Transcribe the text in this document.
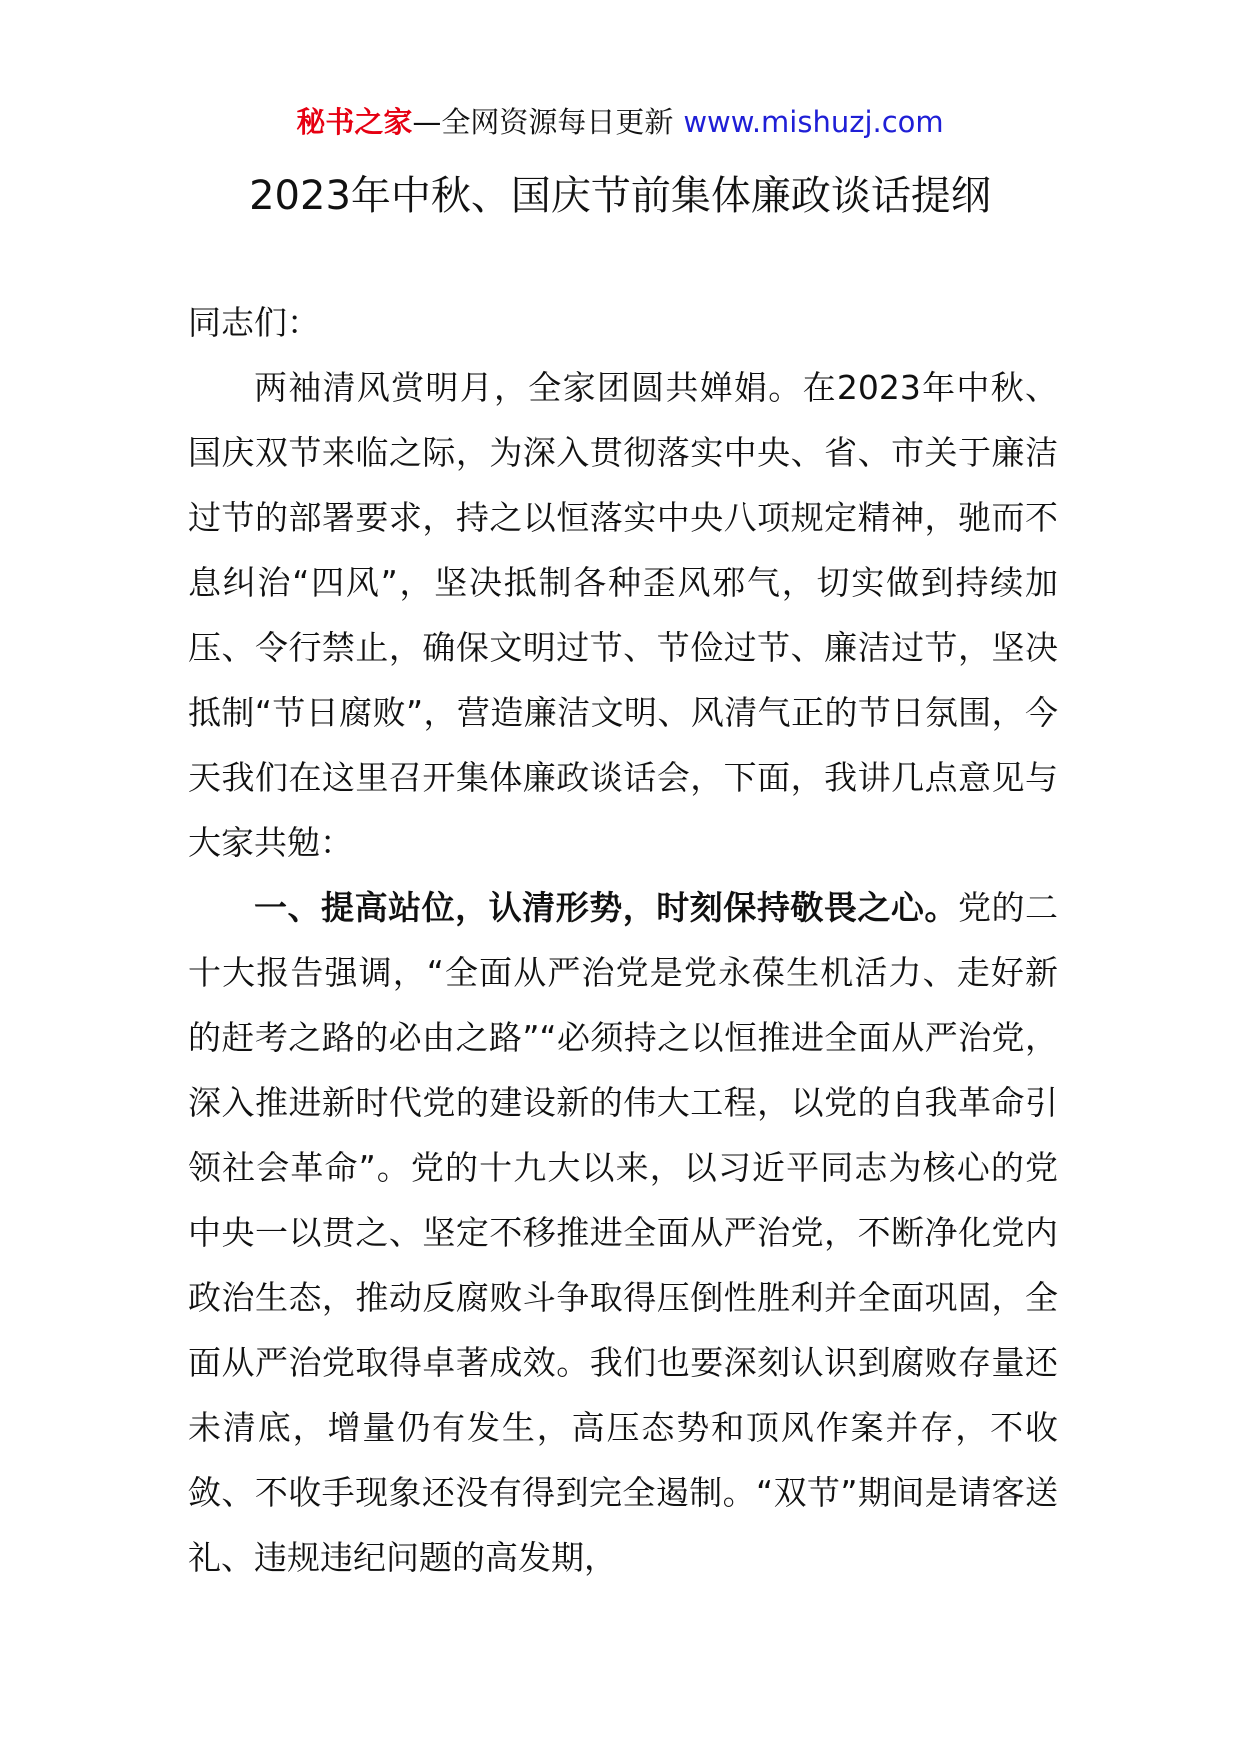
秘书之家—全网资源每日更新 www.mishuzj.com
2023年中秋、国庆节前集体廉政谈话提纲

同志们：

两袖清风赏明月，全家团圆共婵娟。在2023年中秋、国庆双节来临之际，为深入贯彻落实中央、省、市关于廉洁过节的部署要求，持之以恒落实中央八项规定精神，驰而不息纠治“四风”，坚决抵制各种歪风邪气，切实做到持续加压、令行禁止，确保文明过节、节俭过节、廉洁过节，坚决抵制“节日腐败”，营造廉洁文明、风清气正的节日氛围，今天我们在这里召开集体廉政谈话会，下面，我讲几点意见与大家共勉：

一、提高站位，认清形势，时刻保持敬畏之心。党的二十大报告强调，“全面从严治党是党永葆生机活力、走好新的赶考之路的必由之路”“必须持之以恒推进全面从严治党，深入推进新时代党的建设新的伟大工程，以党的自我革命引领社会革命”。党的十九大以来，以习近平同志为核心的党中央一以贯之、坚定不移推进全面从严治党，不断净化党内政治生态，推动反腐败斗争取得压倒性胜利并全面巩固，全面从严治党取得卓著成效。我们也要深刻认识到腐败存量还未清底，增量仍有发生，高压态势和顶风作案并存，不收敛、不收手现象还没有得到完全遏制。“双节”期间是请客送礼、违规违纪问题的高发期，
